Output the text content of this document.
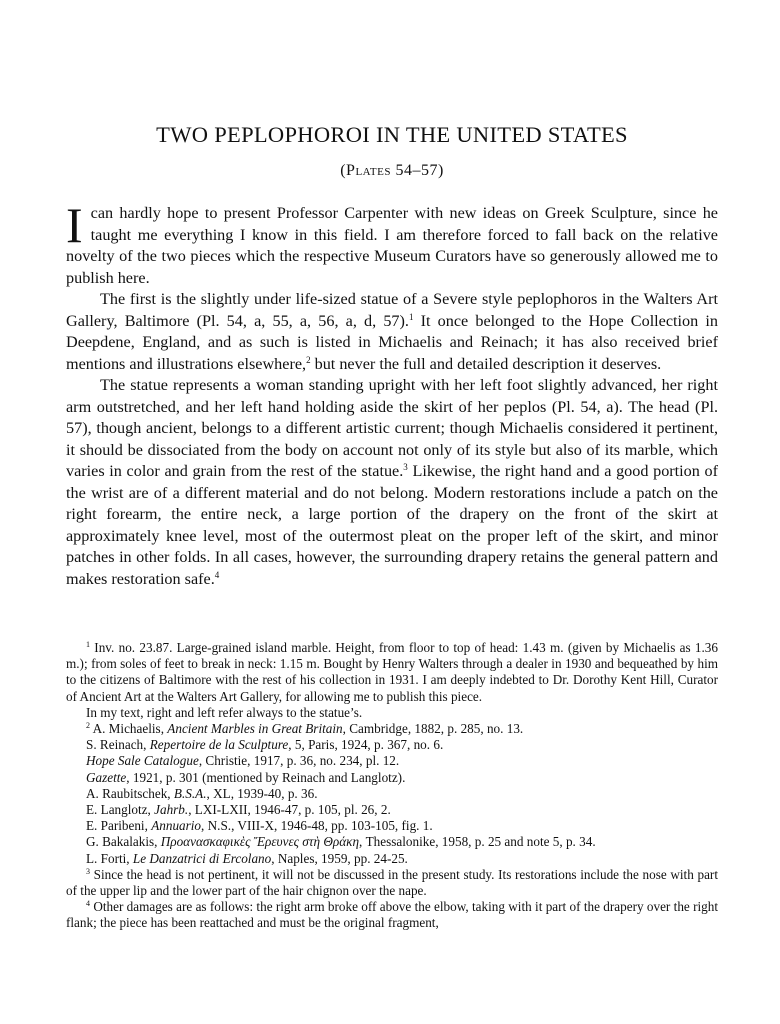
TWO PEPLOPHOROI IN THE UNITED STATES
(Plates 54–57)

Ican hardly hope to present Professor Carpenter with new ideas on Greek Sculpture, since he taught me everything I know in this field. I am therefore forced to fall back on the relative novelty of the two pieces which the respective Museum Curators have so generously allowed me to publish here.

The first is the slightly under life-sized statue of a Severe style peplophoros in the Walters Art Gallery, Baltimore (Pl. 54, a, 55, a, 56, a, d, 57).$^1$ It once belonged to the Hope Collection in Deepdene, England, and as such is listed in Michaelis and Reinach; it has also received brief mentions and illustrations elsewhere,$^2$ but never the full and detailed description it deserves.

The statue represents a woman standing upright with her left foot slightly advanced, her right arm outstretched, and her left hand holding aside the skirt of her peplos (Pl. 54, a). The head (Pl. 57), though ancient, belongs to a different artistic current; though Michaelis considered it pertinent, it should be dissociated from the body on account not only of its style but also of its marble, which varies in color and grain from the rest of the statue.$^3$ Likewise, the right hand and a good portion of the wrist are of a different material and do not belong. Modern restorations include a patch on the right forearm, the entire neck, a large portion of the drapery on the front of the skirt at approximately knee level, most of the outermost pleat on the proper left of the skirt, and minor patches in other folds. In all cases, however, the surrounding drapery retains the general pattern and makes restoration safe.$^4$

$^1$ Inv. no. 23.87. Large-grained island marble. Height, from floor to top of head: 1.43 m. (given by Michaelis as 1.36 m.); from soles of feet to break in neck: 1.15 m. Bought by Henry Walters through a dealer in 1930 and bequeathed by him to the citizens of Baltimore with the rest of his collection in 1931. I am deeply indebted to Dr. Dorothy Kent Hill, Curator of Ancient Art at the Walters Art Gallery, for allowing me to publish this piece.

In my text, right and left refer always to the statue’s.

$^2$ A. Michaelis, Ancient Marbles in Great Britain, Cambridge, 1882, p. 285, no. 13.

S. Reinach, Repertoire de la Sculpture, 5, Paris, 1924, p. 367, no. 6.

Hope Sale Catalogue, Christie, 1917, p. 36, no. 234, pl. 12.

Gazette, 1921, p. 301 (mentioned by Reinach and Langlotz).

A. Raubitschek, B.S.A., XL, 1939-40, p. 36.

E. Langlotz, Jahrb., LXI-LXII, 1946-47, p. 105, pl. 26, 2.

E. Paribeni, Annuario, N.S., VIII-X, 1946-48, pp. 103-105, fig. 1.

G. Bakalakis, Προανασκαφικὲς Ἔρευνες στὴ Θράκη, Thessalonike, 1958, p. 25 and note 5, p. 34.

L. Forti, Le Danzatrici di Ercolano, Naples, 1959, pp. 24-25.

$^3$ Since the head is not pertinent, it will not be discussed in the present study. Its restorations include the nose with part of the upper lip and the lower part of the hair chignon over the nape.

$^4$ Other damages are as follows: the right arm broke off above the elbow, taking with it part of the drapery over the right flank; the piece has been reattached and must be the original fragment,
